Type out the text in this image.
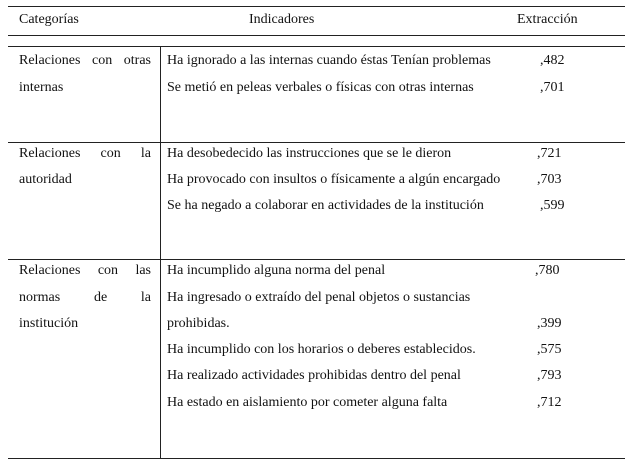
Categorías	Indicadores	Extracción
Relaciones con otras
internas
Ha ignorado a las internas cuando éstas Tenían problemas	,482
Se metió en peleas verbales o físicas con otras internas	,701
Relaciones con la
autoridad
Ha desobedecido las instrucciones que se le dieron	,721
Ha provocado con insultos o físicamente a algún encargado	,703
Se ha negado a colaborar en actividades de la institución	,599
Relaciones con las
normas de la
institución
Ha incumplido alguna norma del penal	,780
Ha ingresado o extraído del penal objetos o sustancias
prohibidas.	,399
Ha incumplido con los horarios o deberes establecidos.	,575
Ha realizado actividades prohibidas dentro del penal	,793
Ha estado en aislamiento por cometer alguna falta	,712
